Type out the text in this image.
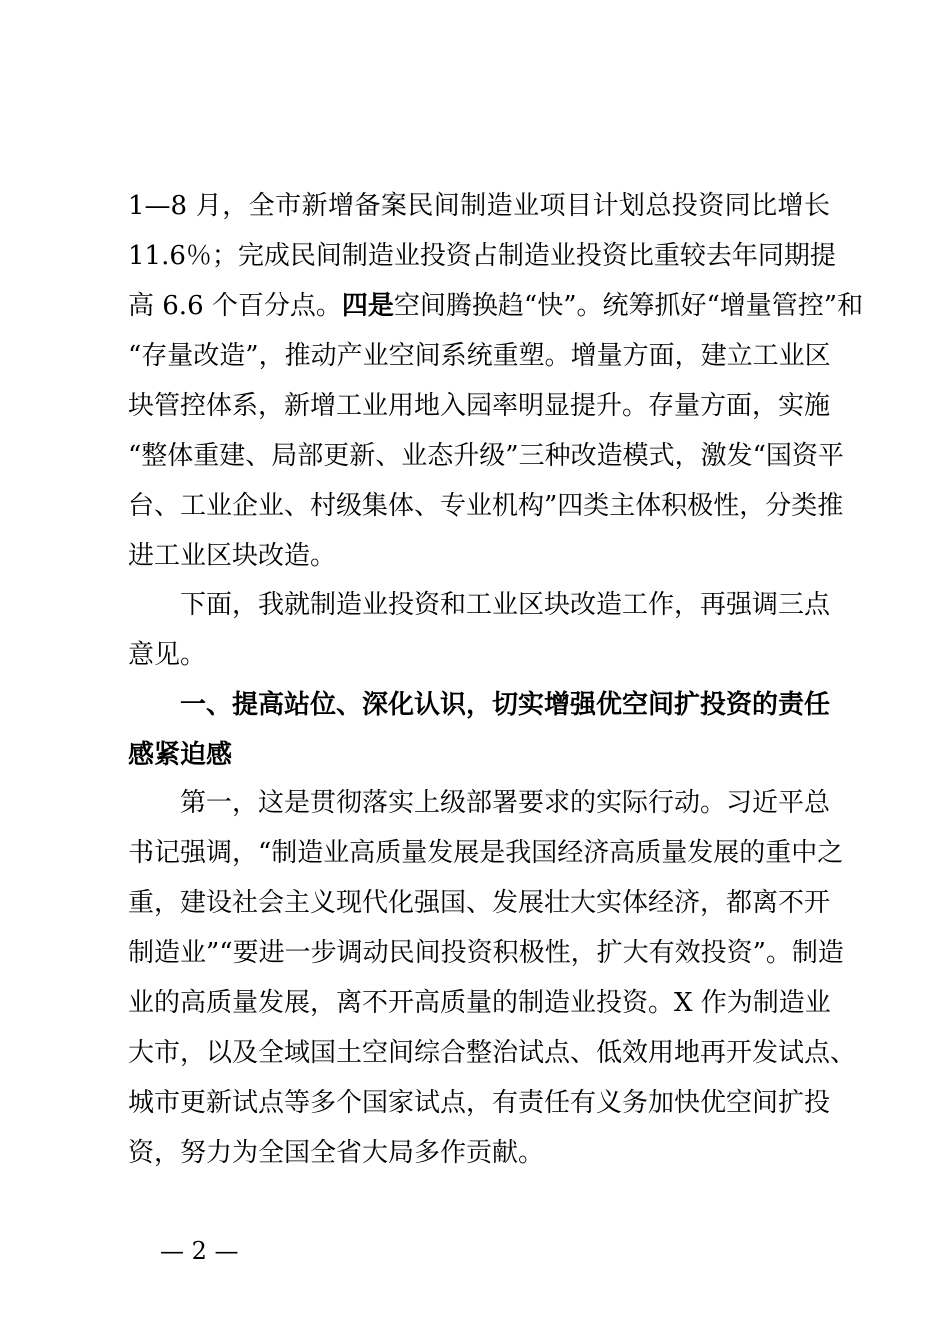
1—8 月，全市新增备案民间制造业项目计划总投资同比增长
11.6％；完成民间制造业投资占制造业投资比重较去年同期提
高 6.6 个百分点。四是空间腾换趋“快”。统筹抓好“增量管控”和
“存量改造”，推动产业空间系统重塑。增量方面，建立工业区
块管控体系，新增工业用地入园率明显提升。存量方面，实施
“整体重建、局部更新、业态升级”三种改造模式，激发“国资平
台、工业企业、村级集体、专业机构”四类主体积极性，分类推
进工业区块改造。
下面，我就制造业投资和工业区块改造工作，再强调三点
意见。
一、提高站位、深化认识，切实增强优空间扩投资的责任
感紧迫感
第一，这是贯彻落实上级部署要求的实际行动。习近平总
书记强调，“制造业高质量发展是我国经济高质量发展的重中之
重，建设社会主义现代化强国、发展壮大实体经济，都离不开
制造业”“要进一步调动民间投资积极性，扩大有效投资”。制造
业的高质量发展，离不开高质量的制造业投资。X 作为制造业
大市，以及全域国土空间综合整治试点、低效用地再开发试点、
城市更新试点等多个国家试点，有责任有义务加快优空间扩投
资，努力为全国全省大局多作贡献。
— 2 —
